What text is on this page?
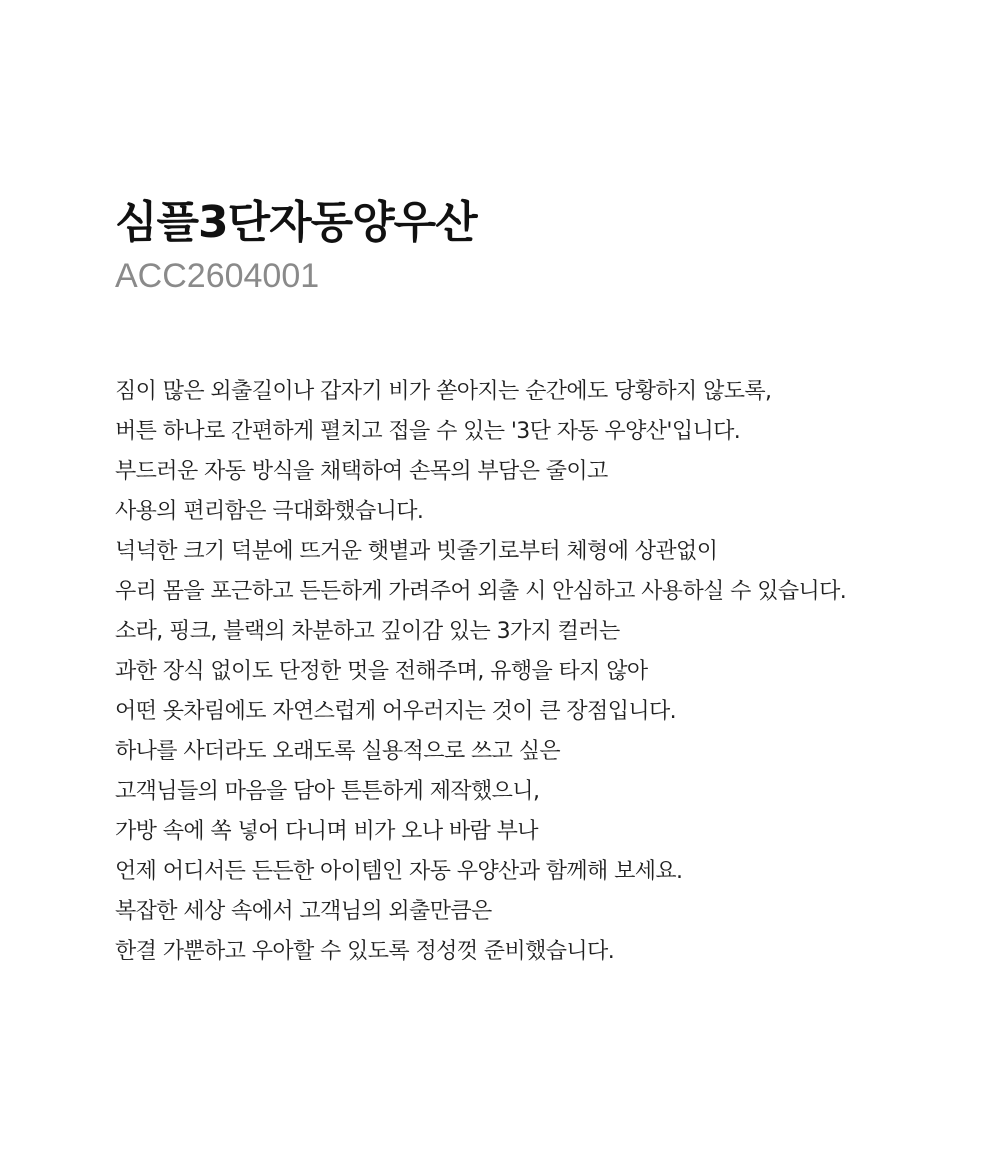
심플3단자동양우산

ACC2604001

짐이 많은 외출길이나 갑자기 비가 쏟아지는 순간에도 당황하지 않도록,
버튼 하나로 간편하게 펼치고 접을 수 있는 '3단 자동 우양산'입니다.
부드러운 자동 방식을 채택하여 손목의 부담은 줄이고
사용의 편리함은 극대화했습니다.
넉넉한 크기 덕분에 뜨거운 햇볕과 빗줄기로부터 체형에 상관없이
우리 몸을 포근하고 든든하게 가려주어 외출 시 안심하고 사용하실 수 있습니다.
소라, 핑크, 블랙의 차분하고 깊이감 있는 3가지 컬러는
과한 장식 없이도 단정한 멋을 전해주며, 유행을 타지 않아
어떤 옷차림에도 자연스럽게 어우러지는 것이 큰 장점입니다.
하나를 사더라도 오래도록 실용적으로 쓰고 싶은
고객님들의 마음을 담아 튼튼하게 제작했으니,
가방 속에 쏙 넣어 다니며 비가 오나 바람 부나
언제 어디서든 든든한 아이템인 자동 우양산과 함께해 보세요.
복잡한 세상 속에서 고객님의 외출만큼은
한결 가뿐하고 우아할 수 있도록 정성껏 준비했습니다.
